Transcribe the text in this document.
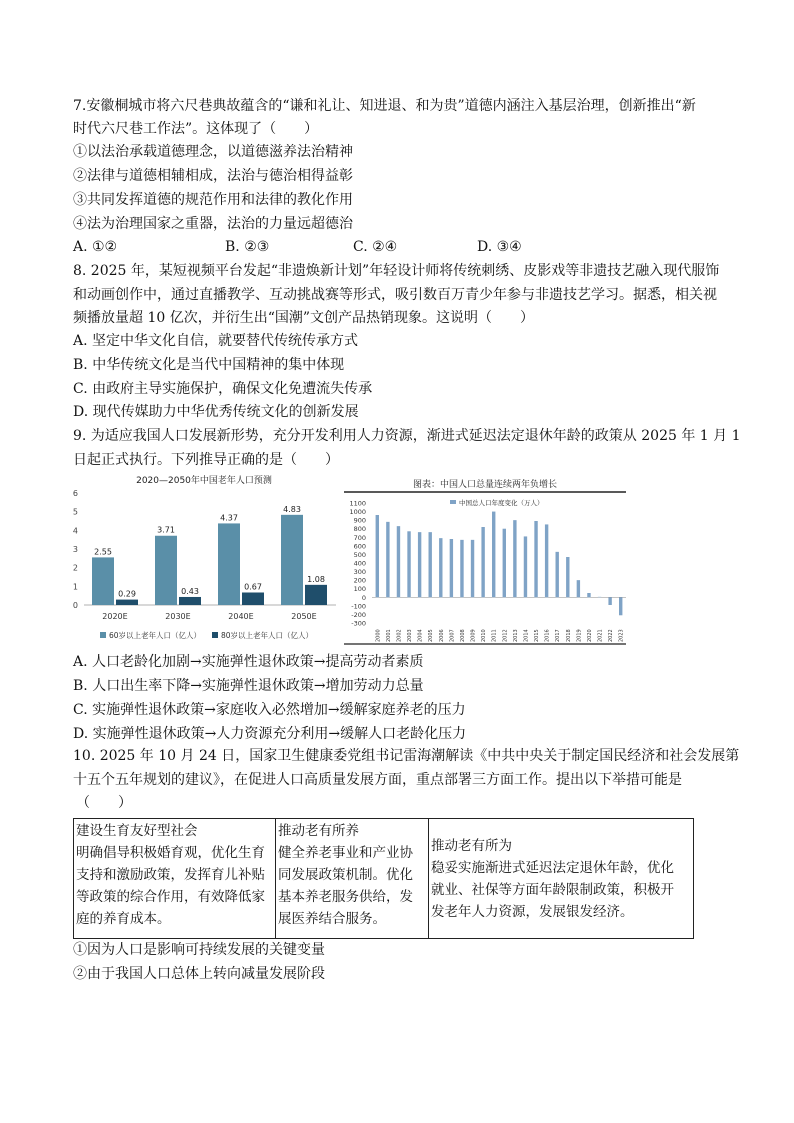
7.安徽桐城市将六尺巷典故蕴含的“谦和礼让、知进退、和为贵”道德内涵注入基层治理，创新推出“新
时代六尺巷工作法”。这体现了（　　）
①以法治承载道德理念，以道德滋养法治精神
②法律与道德相辅相成，法治与德治相得益彰
③共同发挥道德的规范作用和法律的教化作用
④法为治理国家之重器，法治的力量远超德治
A. ①②	B. ②③	C. ②④	D. ③④
8. 2025 年，某短视频平台发起“非遗焕新计划”年轻设计师将传统刺绣、皮影戏等非遗技艺融入现代服饰
和动画创作中，通过直播教学、互动挑战赛等形式，吸引数百万青少年参与非遗技艺学习。据悉，相关视
频播放量超 10 亿次，并衍生出“国潮”文创产品热销现象。这说明（　　）
A. 坚定中华文化自信，就要替代传统传承方式
B. 中华传统文化是当代中国精神的集中体现
C. 由政府主导实施保护，确保文化免遭流失传承
D. 现代传媒助力中华优秀传统文化的创新发展
9. 为适应我国人口发展新形势，充分开发利用人力资源，渐进式延迟法定退休年龄的政策从 2025 年 1 月 1
日起正式执行。下列推导正确的是（　　）
2020—2050年中国老年人口预测
0
1
2
3
4
5
6
2.55
0.29
2020E
3.71
0.43
2030E
4.37
0.67
2040E
4.83
1.08
2050E
60岁以上老年人口（亿人）	80岁以上老年人口（亿人）
图表：中国人口总量连续两年负增长
中国总人口年度变化（万人）
1100
1000
900
800
700
600
500
400
300
200
100
0
-100
-200
-300
2000 2001 2002 2003 2004 2005 2006 2007 2008 2009 2010 2011 2012 2013 2014 2015 2016 2017 2018 2019 2020 2021 2022 2023
A. 人口老龄化加剧→实施弹性退休政策→提高劳动者素质
B. 人口出生率下降→实施弹性退休政策→增加劳动力总量
C. 实施弹性退休政策→家庭收入必然增加→缓解家庭养老的压力
D. 实施弹性退休政策→人力资源充分利用→缓解人口老龄化压力
10. 2025 年 10 月 24 日，国家卫生健康委党组书记雷海潮解读《中共中央关于制定国民经济和社会发展第
十五个五年规划的建议》，在促进人口高质量发展方面，重点部署三方面工作。提出以下举措可能是
（　　）
建设生育友好型社会
明确倡导积极婚育观，优化生育
支持和激励政策，发挥育儿补贴
等政策的综合作用，有效降低家
庭的养育成本。

推动老有所养
健全养老事业和产业协
同发展政策机制。优化
基本养老服务供给，发
展医养结合服务。

推动老有所为
稳妥实施渐进式延迟法定退休年龄，优化
就业、社保等方面年龄限制政策，积极开
发老年人力资源，发展银发经济。
①因为人口是影响可持续发展的关键变量
②由于我国人口总体上转向减量发展阶段
